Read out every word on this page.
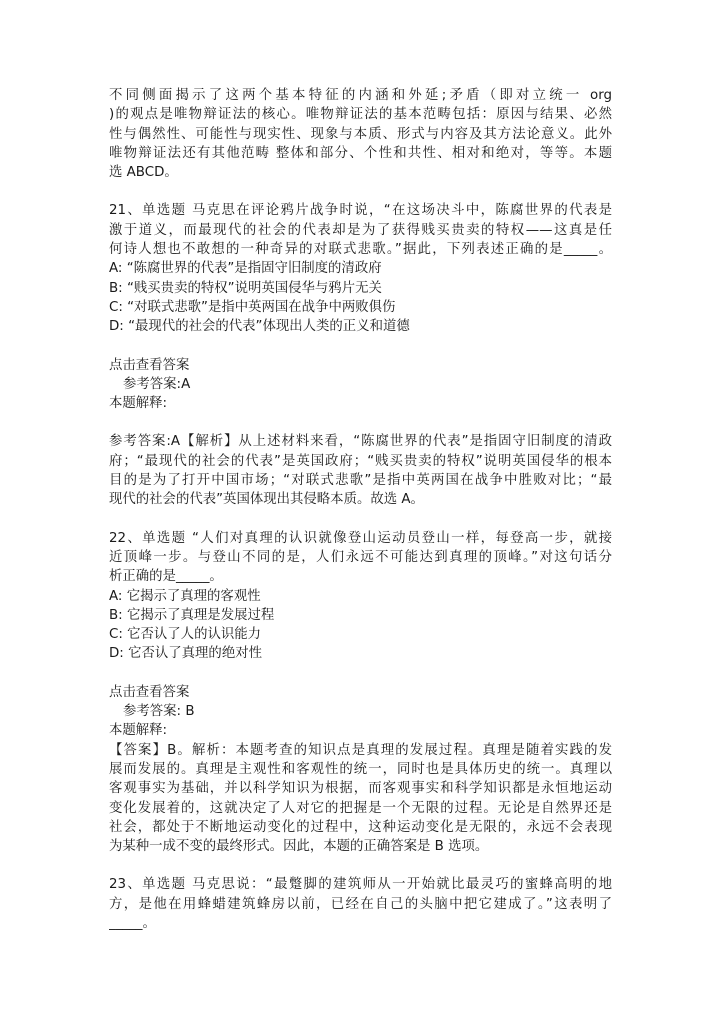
不同侧面揭示了这两个基本特征的内涵和外延;矛盾（即对立统一 org
)的观点是唯物辩证法的核心。唯物辩证法的基本范畴包括：原因与结果、必然
性与偶然性、可能性与现实性、现象与本质、形式与内容及其方法论意义。此外
唯物辩证法还有其他范畴 整体和部分、个性和共性、相对和绝对，等等。本题
选 ABCD。
21、单选题 马克思在评论鸦片战争时说，“在这场决斗中，陈腐世界的代表是
激于道义，而最现代的社会的代表却是为了获得贱买贵卖的特权——这真是任
何诗人想也不敢想的一种奇异的对联式悲歌。”据此，下列表述正确的是_____。
A: “陈腐世界的代表”是指固守旧制度的清政府
B: “贱买贵卖的特权”说明英国侵华与鸦片无关
C: “对联式悲歌”是指中英两国在战争中两败俱伤
D: “最现代的社会的代表”体现出人类的正义和道德
点击查看答案
参考答案:A
本题解释:
参考答案:A【解析】从上述材料来看，“陈腐世界的代表”是指固守旧制度的清政
府；“最现代的社会的代表”是英国政府；“贱买贵卖的特权”说明英国侵华的根本
目的是为了打开中国市场；“对联式悲歌”是指中英两国在战争中胜败对比；“最
现代的社会的代表”英国体现出其侵略本质。故选 A。
22、单选题 “人们对真理的认识就像登山运动员登山一样，每登高一步，就接
近顶峰一步。与登山不同的是，人们永远不可能达到真理的顶峰。”对这句话分
析正确的是_____。
A: 它揭示了真理的客观性
B: 它揭示了真理是发展过程
C: 它否认了人的认识能力
D: 它否认了真理的绝对性
点击查看答案
参考答案: B
本题解释:
【答案】B。解析：本题考查的知识点是真理的发展过程。真理是随着实践的发
展而发展的。真理是主观性和客观性的统一，同时也是具体历史的统一。真理以
客观事实为基础，并以科学知识为根据，而客观事实和科学知识都是永恒地运动
变化发展着的，这就决定了人对它的把握是一个无限的过程。无论是自然界还是
社会，都处于不断地运动变化的过程中，这种运动变化是无限的，永远不会表现
为某种一成不变的最终形式。因此，本题的正确答案是 B 选项。
23、单选题 马克思说：“最蹩脚的建筑师从一开始就比最灵巧的蜜蜂高明的地
方，是他在用蜂蜡建筑蜂房以前，已经在自己的头脑中把它建成了。”这表明了
_____。
